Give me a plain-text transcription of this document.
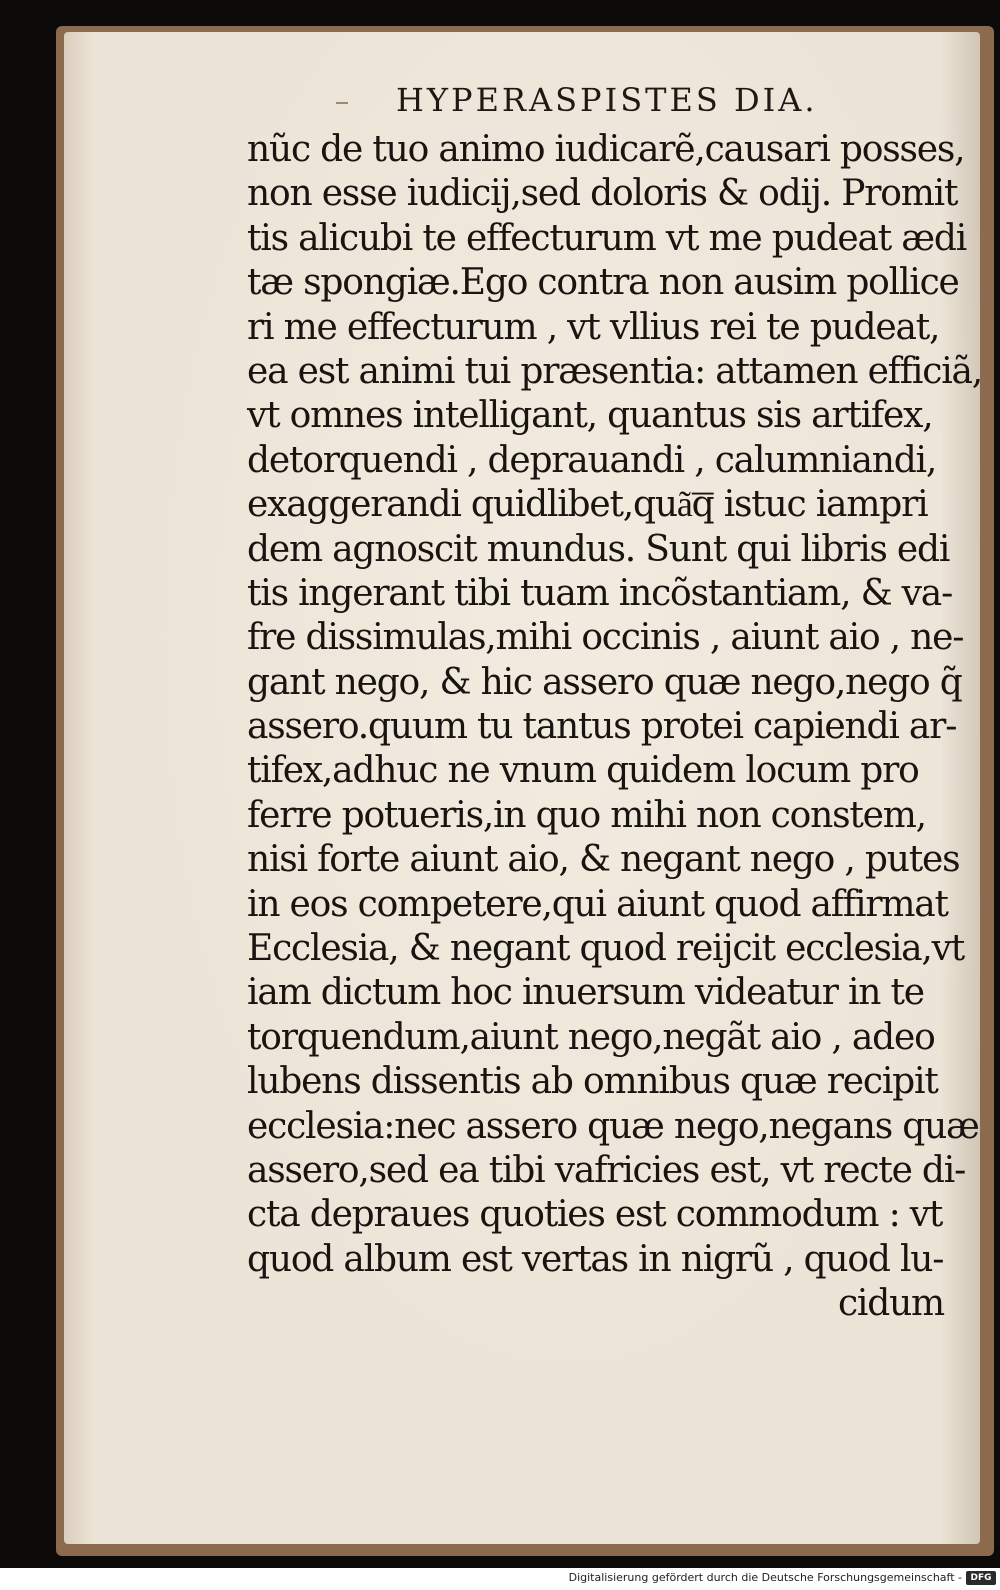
HYPERASPISTES DIA.
nũc de tuo animo iudicarẽ,causari posses,
non esse iudicij,sed doloris & odij. Promit
tis alicubi te effecturum vt me pudeat ædi
tæ spongiæ.Ego contra non ausim pollice
ri me effecturum , vt vllius rei te pudeat,
ea est animi tui præsentia: attamen efficiã,
vt omnes intelligant, quantus sis artifex,
detorquendi , deprauandi , calumniandi,
exaggerandi quidlibet,quã͞q istuc iampri
dem agnoscit mundus. Sunt qui libris edi
tis ingerant tibi tuam incõstantiam, & va-
fre dissimulas,mihi occinis , aiunt aio , ne-
gant nego, & hic assero quæ nego,nego q̃
assero.quum tu tantus protei capiendi ar-
tifex,adhuc ne vnum quidem locum pro
ferre potueris,in quo mihi non constem,
nisi forte aiunt aio, & negant nego , putes
in eos competere,qui aiunt quod affirmat
Ecclesia, & negant quod reijcit ecclesia,vt
iam dictum hoc inuersum videatur in te
torquendum,aiunt nego,negãt aio , adeo
lubens dissentis ab omnibus quæ recipit
ecclesia:nec assero quæ nego,negans quæ
assero,sed ea tibi vafricies est, vt recte di-
cta depraues quoties est commodum : vt
quod album est vertas in nigrũ , quod lu-
cidum
Digitalisierung gefördert durch die Deutsche Forschungsgemeinschaft - DFG
